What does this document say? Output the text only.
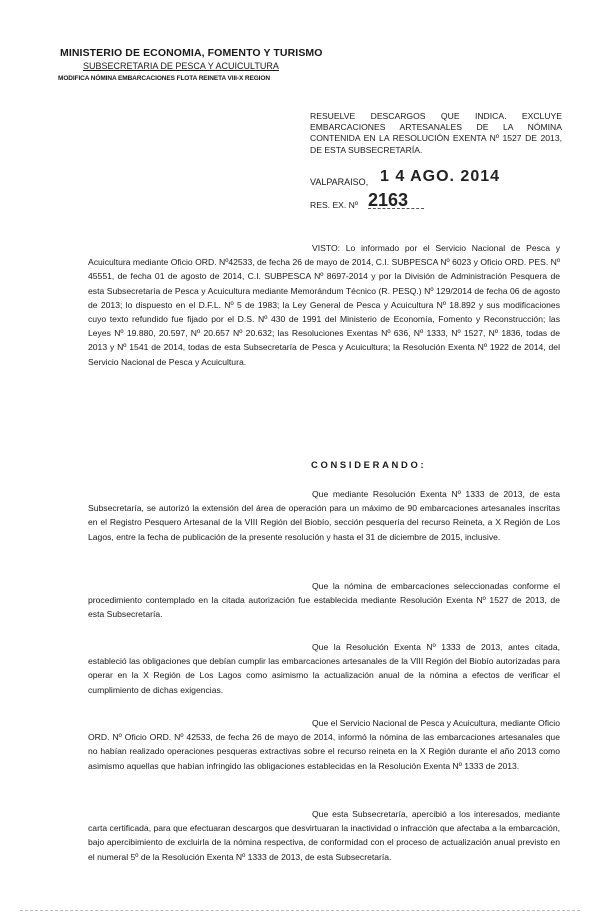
MINISTERIO DE ECONOMIA, FOMENTO Y TURISMO
SUBSECRETARIA DE PESCA Y ACUICULTURA
MODIFICA NÓMINA EMBARCACIONES FLOTA REINETA VIII-X REGION
RESUELVE DESCARGOS QUE INDICA. EXCLUYE EMBARCACIONES ARTESANALES DE LA NÓMINA CONTENIDA EN LA RESOLUCIÓN EXENTA Nº 1527 DE 2013, DE ESTA SUBSECRETARÍA.
VALPARAISO, 1 4 AGO. 2014
RES. EX. Nº 2163
VISTO: Lo informado por el Servicio Nacional de Pesca y Acuicultura mediante Oficio ORD. Nº42533, de fecha 26 de mayo de 2014, C.I. SUBPESCA Nº 6023 y Oficio ORD. PES. Nº 45551, de fecha 01 de agosto de 2014, C.I. SUBPESCA Nº 8697-2014 y por la División de Administración Pesquera de esta Subsecretaría de Pesca y Acuicultura mediante Memorándum Técnico (R. PESQ.) Nº 129/2014 de fecha 06 de agosto de 2013; lo dispuesto en el D.F.L. Nº 5 de 1983; la Ley General de Pesca y Acuicultura Nº 18.892 y sus modificaciones cuyo texto refundido fue fijado por el D.S. Nº 430 de 1991 del Ministerio de Economía, Fomento y Reconstrucción; las Leyes Nº 19.880, 20.597, Nº 20.657 Nº 20.632; las Resoluciones Exentas Nº 636, Nº 1333, Nº 1527, Nº 1836, todas de 2013 y Nº 1541 de 2014, todas de esta Subsecretaría de Pesca y Acuicultura; la Resolución Exenta Nº 1922 de 2014, del Servicio Nacional de Pesca y Acuicultura.
CONSIDERANDO:
Que mediante Resolución Exenta Nº 1333 de 2013, de esta Subsecretaría, se autorizó la extensión del área de operación para un máximo de 90 embarcaciones artesanales inscritas en el Registro Pesquero Artesanal de la VIII Región del Biobío, sección pesquería del recurso Reineta, a X Región de Los Lagos, entre la fecha de publicación de la presente resolución y hasta el 31 de diciembre de 2015, inclusive.
Que la nómina de embarcaciones seleccionadas conforme el procedimiento contemplado en la citada autorización fue establecida mediante Resolución Exenta Nº 1527 de 2013, de esta Subsecretaría.
Que la Resolución Exenta Nº 1333 de 2013, antes citada, estableció las obligaciones que debían cumplir las embarcaciones artesanales de la VIII Región del Biobío autorizadas para operar en la X Región de Los Lagos como asimismo la actualización anual de la nómina a efectos de verificar el cumplimiento de dichas exigencias.
Que el Servicio Nacional de Pesca y Acuicultura, mediante Oficio ORD. Nº Oficio ORD. Nº 42533, de fecha 26 de mayo de 2014, informó la nómina de las embarcaciones artesanales que no habían realizado operaciones pesqueras extractivas sobre el recurso reineta en la X Región durante el año 2013 como asimismo aquellas que habían infringido las obligaciones establecidas en la Resolución Exenta Nº 1333 de 2013.
Que esta Subsecretaría, apercibió a los interesados, mediante carta certificada, para que efectuaran descargos que desvirtuaran la inactividad o infracción que afectaba a la embarcación, bajo apercibimiento de excluirla de la nómina respectiva, de conformidad con el proceso de actualización anual previsto en el numeral 5º de la Resolución Exenta Nº 1333 de 2013, de esta Subsecretaría.
